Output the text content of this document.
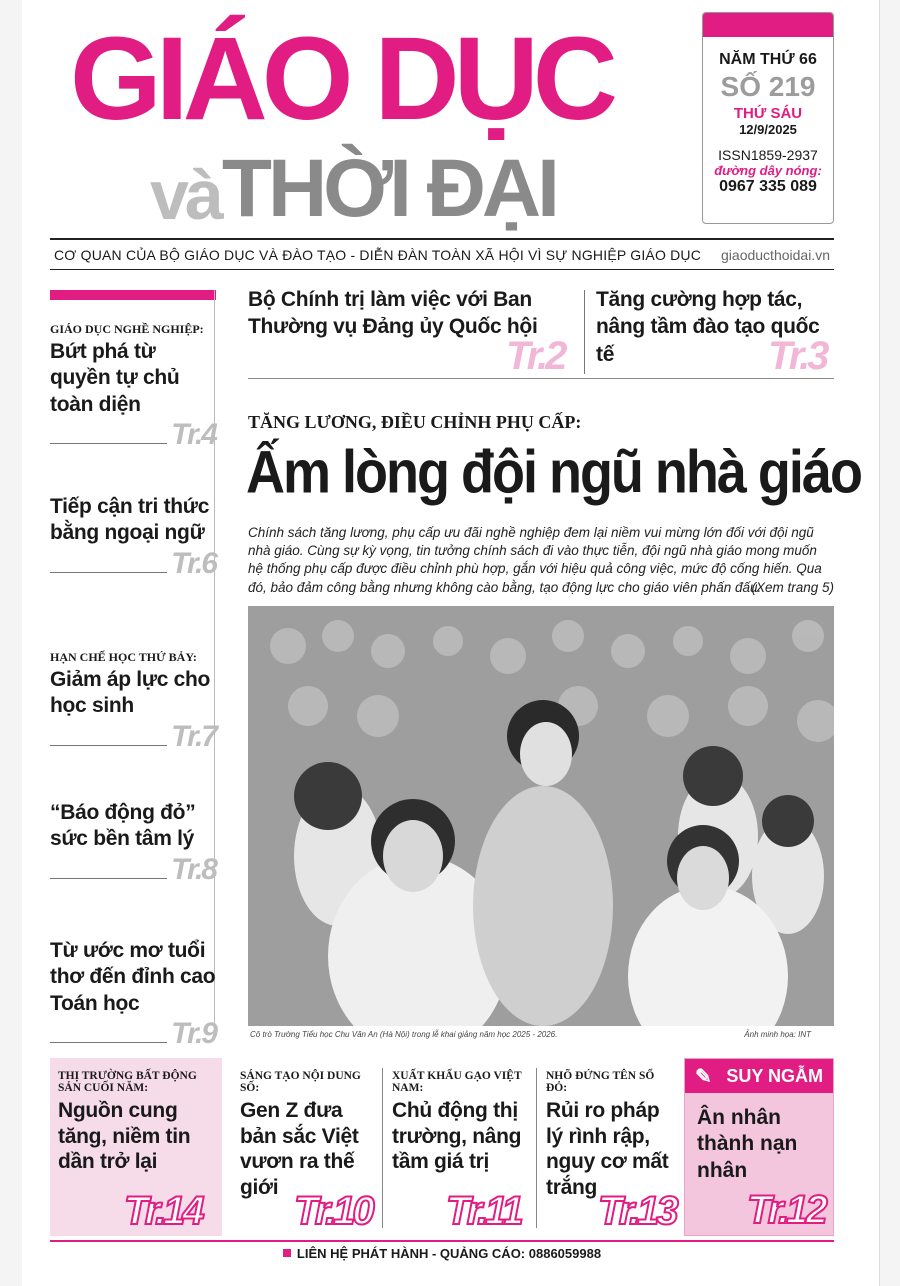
GIÁO DỤC
và THỜI ĐẠI
NĂM THỨ 66
SỐ 219
THỨ SÁU
12/9/2025
ISSN1859-2937
đường dây nóng:
0967 335 089
CƠ QUAN CỦA BỘ GIÁO DỤC VÀ ĐÀO TẠO - DIỄN ĐÀN TOÀN XÃ HỘI VÌ SỰ NGHIỆP GIÁO DỤC giaoducthoidai.vn
GIÁO DỤC NGHỀ NGHIỆP:
Bứt phá từ quyền tự chủ toàn diện
Tr.4
Tiếp cận tri thức bằng ngoại ngữ
Tr.6
HẠN CHẾ HỌC THỨ BẢY:
Giảm áp lực cho học sinh
Tr.7
“Báo động đỏ” sức bền tâm lý
Tr.8
Từ ước mơ tuổi thơ đến đỉnh cao Toán học
Tr.9
Bộ Chính trị làm việc với Ban Thường vụ Đảng ủy Quốc hội
Tr.2
Tăng cường hợp tác, nâng tầm đào tạo quốc tế	Tr.3
TĂNG LƯƠNG, ĐIỀU CHỈNH PHỤ CẤP:
Ấm lòng đội ngũ nhà giáo
Chính sách tăng lương, phụ cấp ưu đãi nghề nghiệp đem lại niềm vui mừng lớn đối với đội ngũ nhà giáo. Cùng sự kỳ vọng, tin tưởng chính sách đi vào thực tiễn, đội ngũ nhà giáo mong muốn hệ thống phụ cấp được điều chỉnh phù hợp, gắn với hiệu quả công việc, mức độ cống hiến. Qua đó, bảo đảm công bằng nhưng không cào bằng, tạo động lực cho giáo viên phấn đấu.
(Xem trang 5)
Cô trò Trường Tiểu học Chu Văn An (Hà Nội) trong lễ khai giảng năm học 2025 - 2026.	Ảnh minh họa: INT
THỊ TRƯỜNG BẤT ĐỘNG SẢN CUỐI NĂM:
Nguồn cung tăng, niềm tin dần trở lại
Tr.14
SÁNG TẠO NỘI DUNG SỐ:
Gen Z đưa bản sắc Việt vươn ra thế giới
Tr.10
XUẤT KHẨU GẠO VIỆT NAM:
Chủ động thị trường, nâng tầm giá trị
Tr.11
NHÕ ĐỨNG TÊN SỔ ĐỎ:
Rủi ro pháp lý rình rập, nguy cơ mất trắng
Tr.13
✎ SUY NGẪM
Ân nhân thành nạn nhân
Tr.12
LIÊN HỆ PHÁT HÀNH - QUẢNG CÁO: 0886059988
